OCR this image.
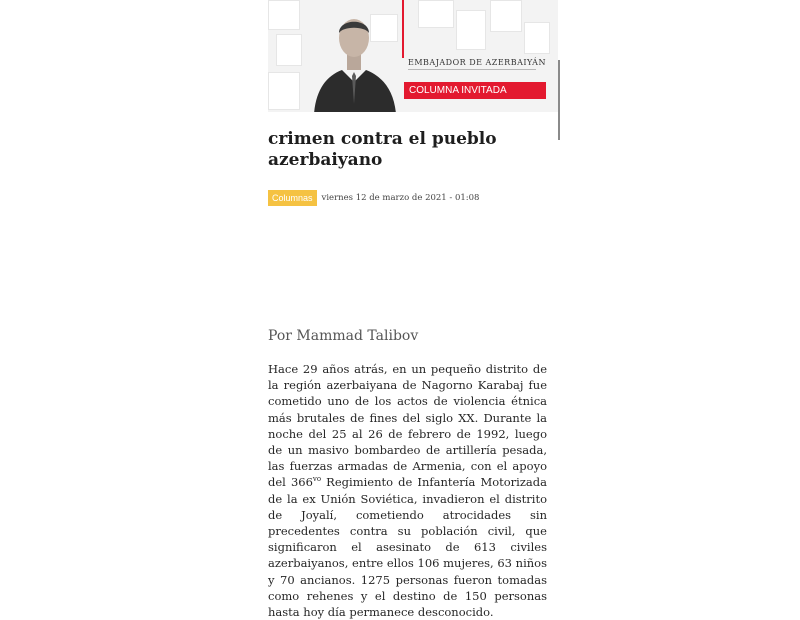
EMBAJADOR DE AZERBAIYÁN
COLUMNA INVITADA
crimen contra el pueblo azerbaiyano
Columnas	viernes 12 de marzo de 2021 - 01:08
Por Mammad Talibov

Hace 29 años atrás, en un pequeño distrito de la región azerbaiyana de Nagorno Karabaj fue cometido uno de los actos de violencia étnica más brutales de fines del siglo XX. Durante la noche del 25 al 26 de febrero de 1992, luego de un masivo bombardeo de artillería pesada, las fuerzas armadas de Armenia, con el apoyo del $366^{vo}$ Regimiento de Infantería Motorizada de la ex Unión Soviética, invadieron el distrito de Joyalí, cometiendo atrocidades sin precedentes contra su población civil, que significaron el asesinato de 613 civiles azerbaiyanos, entre ellos 106 mujeres, 63 niños y 70 ancianos. 1275 personas fueron tomadas como rehenes y el destino de 150 personas hasta hoy día permanece desconocido.
